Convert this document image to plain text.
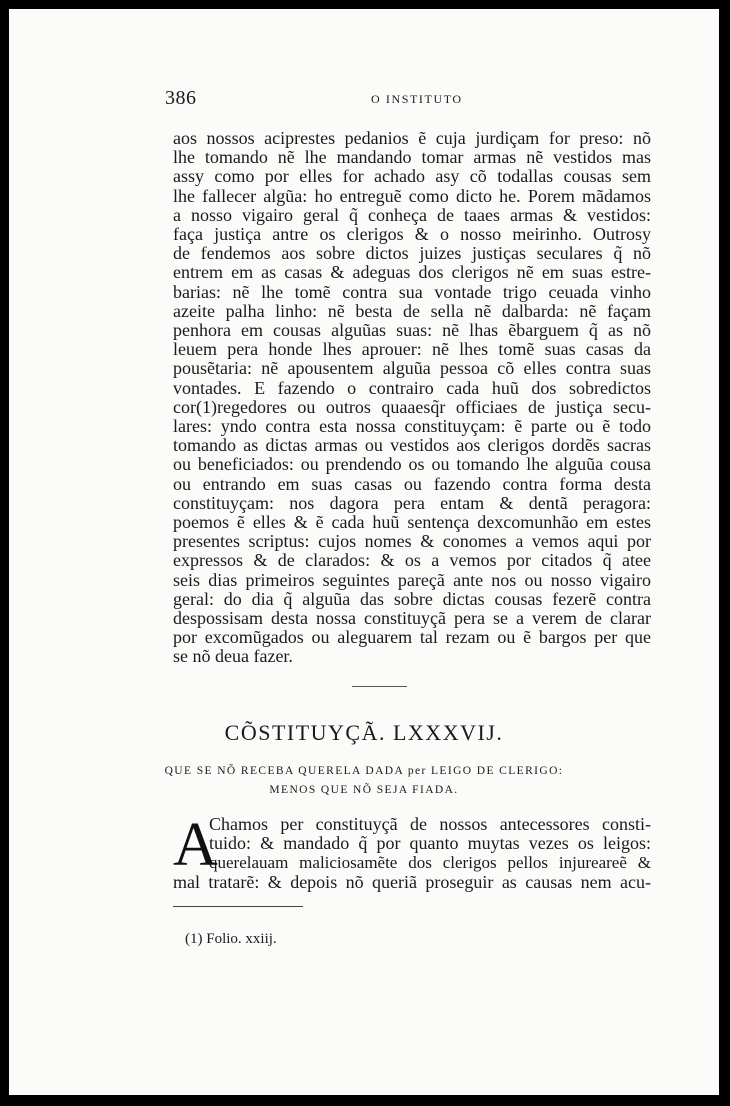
386	O INSTITUTO
aos nossos aciprestes pedanios ẽ cuja jurdiçam for preso: nõ
lhe tomando nẽ lhe mandando tomar armas nẽ vestidos mas
assy como por elles for achado asy cõ todallas cousas sem
lhe fallecer algũa: ho entreguẽ como dicto he. Porem mãdamos
a nosso vigairo geral q̃ conheça de taaes armas & vestidos:
faça justiça antre os clerigos & o nosso meirinho. Outrosy
de fendemos aos sobre dictos juizes justiças seculares q̃ nõ
entrem em as casas & adeguas dos clerigos nẽ em suas estre-
barias: nẽ lhe tomẽ contra sua vontade trigo ceuada vinho
azeite palha linho: nẽ besta de sella nẽ dalbarda: nẽ façam
penhora em cousas alguũas suas: nẽ lhas ẽbarguem q̃ as nõ
leuem pera honde lhes aprouer: nẽ lhes tomẽ suas casas da
pousẽtaria: nẽ apousentem alguũa pessoa cõ elles contra suas
vontades. E fazendo o contrairo cada huũ dos sobredictos
cor(1)regedores ou outros quaaesq̃r officiaes de justiça secu-
lares: yndo contra esta nossa constituyçam: ẽ parte ou ẽ todo
tomando as dictas armas ou vestidos aos clerigos dordẽs sacras
ou beneficiados: ou prendendo os ou tomando lhe alguũa cousa
ou entrando em suas casas ou fazendo contra forma desta
constituyçam: nos dagora pera entam & dentã peragora:
poemos ẽ elles & ẽ cada huũ sentença dexcomunhão em estes
presentes scriptus: cujos nomes & conomes a vemos aqui por
expressos & de clarados: & os a vemos por citados q̃ atee
seis dias primeiros seguintes pareçã ante nos ou nosso vigairo
geral: do dia q̃ alguũa das sobre dictas cousas fezerẽ contra
despossisam desta nossa constituyçã pera se a verem de clarar
por excomũgados ou aleguarem tal rezam ou ẽ bargos per que
se nõ deua fazer.
CÕSTITUYÇÃ. LXXXVIJ.
QUE SE NÕ RECEBA QUERELA DADA per LEIGO DE CLERIGO:
MENOS QUE NÕ SEJA FIADA.
A
Chamos per constituyçã de nossos antecessores consti-
tuido: & mandado q̃ por quanto muytas vezes os leigos:
querelauam maliciosamẽte dos clerigos pellos injureareẽ &
mal tratarẽ: & depois nõ queriã proseguir as causas nem acu-
(1) Folio. xxiij.
